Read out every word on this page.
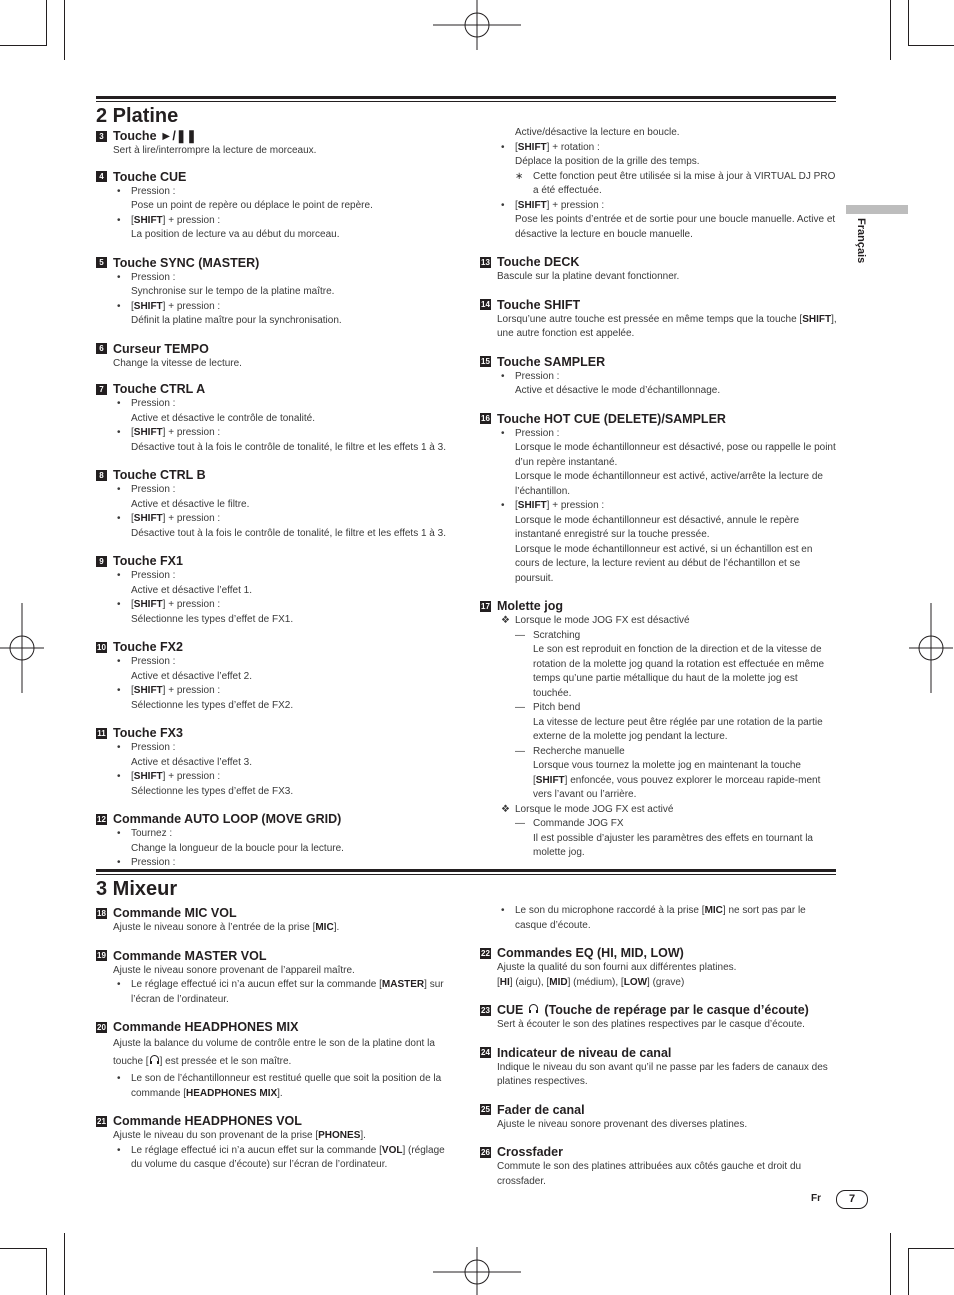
Français
2 Platine
3 Touche ►/❚❚
Sert à lire/interrompre la lecture de morceaux.
4 Touche CUE
• Pression :
Pose un point de repère ou déplace le point de repère.
• [SHIFT] + pression :
La position de lecture va au début du morceau.
5 Touche SYNC (MASTER)
• Pression :
Synchronise sur le tempo de la platine maître.
• [SHIFT] + pression :
Définit la platine maître pour la synchronisation.
6 Curseur TEMPO
Change la vitesse de lecture.
7 Touche CTRL A
• Pression :
Active et désactive le contrôle de tonalité.
• [SHIFT] + pression :
Désactive tout à la fois le contrôle de tonalité, le filtre et les effets 1 à 3.
8 Touche CTRL B
• Pression :
Active et désactive le filtre.
• [SHIFT] + pression :
Désactive tout à la fois le contrôle de tonalité, le filtre et les effets 1 à 3.
9 Touche FX1
• Pression :
Active et désactive l’effet 1.
• [SHIFT] + pression :
Sélectionne les types d’effet de FX1.
10 Touche FX2
• Pression :
Active et désactive l’effet 2.
• [SHIFT] + pression :
Sélectionne les types d’effet de FX2.
11 Touche FX3
• Pression :
Active et désactive l’effet 3.
• [SHIFT] + pression :
Sélectionne les types d’effet de FX3.
12 Commande AUTO LOOP (MOVE GRID)
• Tournez :
Change la longueur de la boucle pour la lecture.
• Pression :
Active/désactive la lecture en boucle.
• [SHIFT] + rotation :
Déplace la position de la grille des temps.
∗ Cette fonction peut être utilisée si la mise à jour à VIRTUAL DJ PRO a été effectuée.
• [SHIFT] + pression :
Pose les points d’entrée et de sortie pour une boucle manuelle. Active et désactive la lecture en boucle manuelle.
13 Touche DECK
Bascule sur la platine devant fonctionner.
14 Touche SHIFT
Lorsqu’une autre touche est pressée en même temps que la touche [SHIFT], une autre fonction est appelée.
15 Touche SAMPLER
• Pression :
Active et désactive le mode d’échantillonnage.
16 Touche HOT CUE (DELETE)/SAMPLER
• Pression :
Lorsque le mode échantillonneur est désactivé, pose ou rappelle le point d’un repère instantané.
Lorsque le mode échantillonneur est activé, active/arrête la lecture de l’échantillon.
• [SHIFT] + pression :
Lorsque le mode échantillonneur est désactivé, annule le repère instantané enregistré sur la touche pressée.
Lorsque le mode échantillonneur est activé, si un échantillon est en cours de lecture, la lecture revient au début de l’échantillon et se poursuit.
17 Molette jog
❖ Lorsque le mode JOG FX est désactivé
— Scratching
Le son est reproduit en fonction de la direction et de la vitesse de rotation de la molette jog quand la rotation est effectuée en même temps qu’une partie métallique du haut de la molette jog est touchée.
— Pitch bend
La vitesse de lecture peut être réglée par une rotation de la partie externe de la molette jog pendant la lecture.
— Recherche manuelle
Lorsque vous tournez la molette jog en maintenant la touche [SHIFT] enfoncée, vous pouvez explorer le morceau rapide-ment vers l’avant ou l’arrière.
❖ Lorsque le mode JOG FX est activé
— Commande JOG FX
Il est possible d’ajuster les paramètres des effets en tournant la molette jog.
3 Mixeur
18 Commande MIC VOL
Ajuste le niveau sonore à l’entrée de la prise [MIC].
19 Commande MASTER VOL
Ajuste le niveau sonore provenant de l’appareil maître.
• Le réglage effectué ici n’a aucun effet sur la commande [MASTER] sur l’écran de l’ordinateur.
20 Commande HEADPHONES MIX
Ajuste la balance du volume de contrôle entre le son de la platine dont la touche [ ] est pressée et le son maître.
• Le son de l’échantillonneur est restitué quelle que soit la position de la commande [HEADPHONES MIX].
21 Commande HEADPHONES VOL
Ajuste le niveau du son provenant de la prise [PHONES].
• Le réglage effectué ici n’a aucun effet sur la commande [VOL] (réglage du volume du casque d’écoute) sur l’écran de l’ordinateur.
• Le son du microphone raccordé à la prise [MIC] ne sort pas par le casque d’écoute.
22 Commandes EQ (HI, MID, LOW)
Ajuste la qualité du son fourni aux différentes platines.
[HI] (aigu), [MID] (médium), [LOW] (grave)
23 CUE (Touche de repérage par le casque d’écoute)
Sert à écouter le son des platines respectives par le casque d’écoute.
24 Indicateur de niveau de canal
Indique le niveau du son avant qu’il ne passe par les faders de canaux des platines respectives.
25 Fader de canal
Ajuste le niveau sonore provenant des diverses platines.
26 Crossfader
Commute le son des platines attribuées aux côtés gauche et droit du crossfader.
Fr	7
